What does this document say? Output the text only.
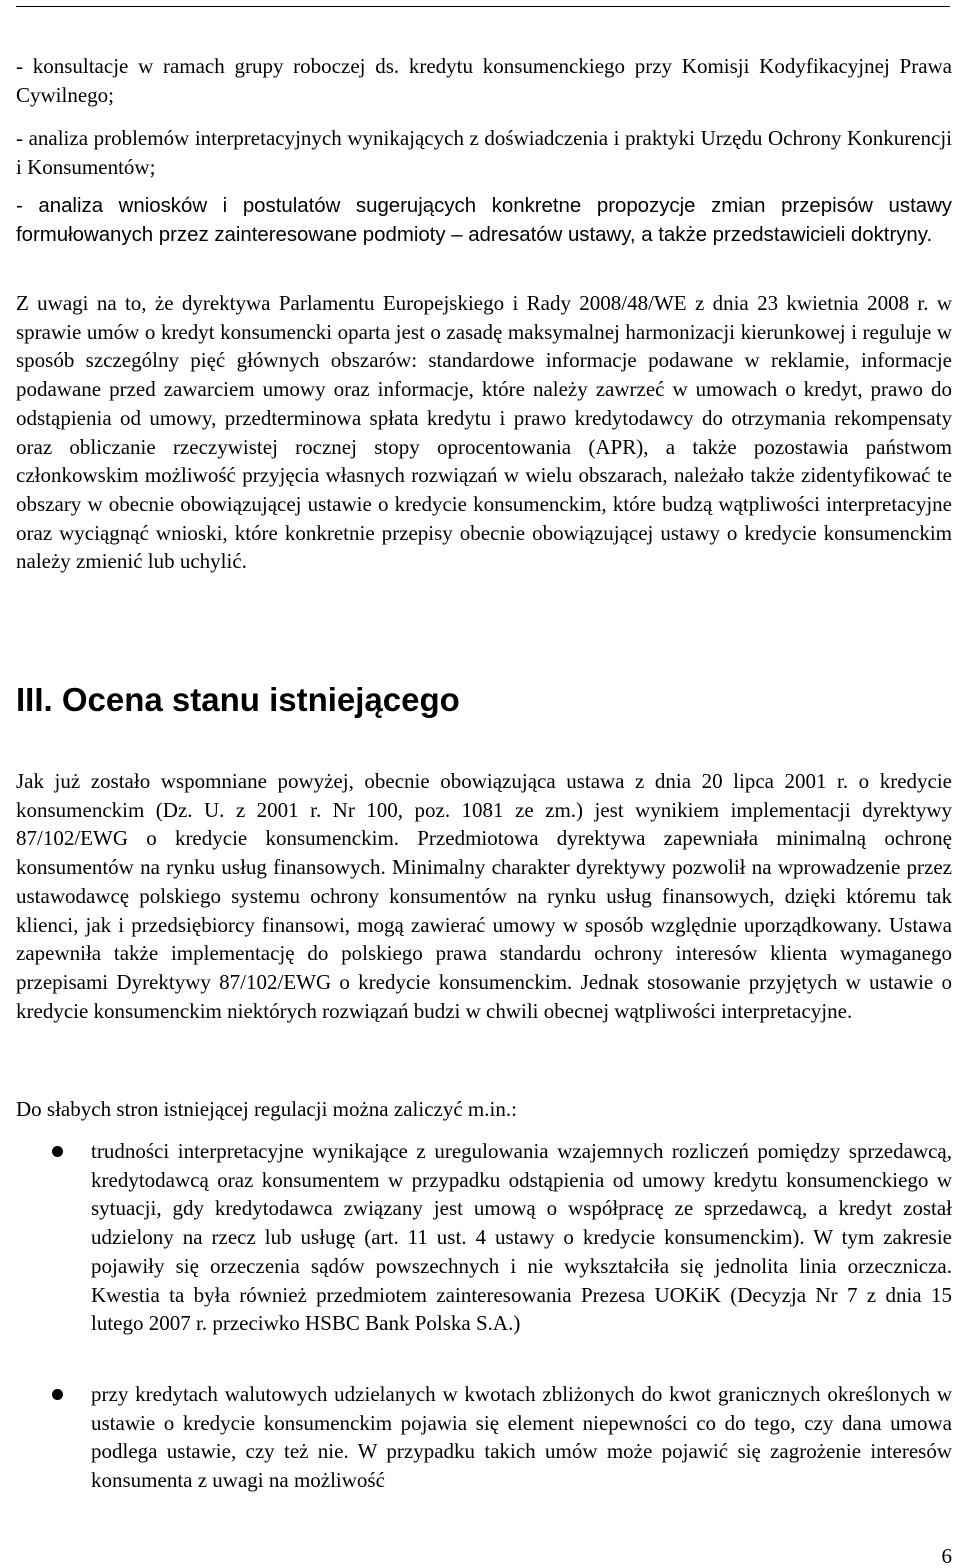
- konsultacje w ramach grupy roboczej ds. kredytu konsumenckiego przy Komisji Kodyfikacyjnej Prawa Cywilnego;

- analiza problemów interpretacyjnych wynikających z doświadczenia i praktyki Urzędu Ochrony Konkurencji i Konsumentów;

- analiza wniosków i postulatów sugerujących konkretne propozycje zmian przepisów ustawy formułowanych przez zainteresowane podmioty – adresatów ustawy, a także przedstawicieli doktryny.

Z uwagi na to, że dyrektywa Parlamentu Europejskiego i Rady 2008/48/WE z dnia 23 kwietnia 2008 r. w sprawie umów o kredyt konsumencki oparta jest o zasadę maksymalnej harmonizacji kierunkowej i reguluje w sposób szczególny pięć głównych obszarów: standardowe informacje podawane w reklamie, informacje podawane przed zawarciem umowy oraz informacje, które należy zawrzeć w umowach o kredyt, prawo do odstąpienia od umowy, przedterminowa spłata kredytu i prawo kredytodawcy do otrzymania rekompensaty oraz obliczanie rzeczywistej rocznej stopy oprocentowania (APR), a także pozostawia państwom członkowskim możliwość przyjęcia własnych rozwiązań w wielu obszarach, należało także zidentyfikować te obszary w obecnie obowiązującej ustawie o kredycie konsumenckim, które budzą wątpliwości interpretacyjne oraz wyciągnąć wnioski, które konkretnie przepisy obecnie obowiązującej ustawy o kredycie konsumenckim należy zmienić lub uchylić.

III. Ocena stanu istniejącego

Jak już zostało wspomniane powyżej, obecnie obowiązująca ustawa z dnia 20 lipca 2001 r. o kredycie konsumenckim (Dz. U. z 2001 r. Nr 100, poz. 1081 ze zm.) jest wynikiem implementacji dyrektywy 87/102/EWG o kredycie konsumenckim. Przedmiotowa dyrektywa zapewniała minimalną ochronę konsumentów na rynku usług finansowych. Minimalny charakter dyrektywy pozwolił na wprowadzenie przez ustawodawcę polskiego systemu ochrony konsumentów na rynku usług finansowych, dzięki któremu tak klienci, jak i przedsiębiorcy finansowi, mogą zawierać umowy w sposób względnie uporządkowany. Ustawa zapewniła także implementację do polskiego prawa standardu ochrony interesów klienta wymaganego przepisami Dyrektywy 87/102/EWG o kredycie konsumenckim. Jednak stosowanie przyjętych w ustawie o kredycie konsumenckim niektórych rozwiązań budzi w chwili obecnej wątpliwości interpretacyjne.

Do słabych stron istniejącej regulacji można zaliczyć m.in.:

trudności interpretacyjne wynikające z uregulowania wzajemnych rozliczeń pomiędzy sprzedawcą, kredytodawcą oraz konsumentem w przypadku odstąpienia od umowy kredytu konsumenckiego w sytuacji, gdy kredytodawca związany jest umową o współpracę ze sprzedawcą, a kredyt został udzielony na rzecz lub usługę (art. 11 ust. 4 ustawy o kredycie konsumenckim). W tym zakresie pojawiły się orzeczenia sądów powszechnych i nie wykształciła się jednolita linia orzecznicza. Kwestia ta była również przedmiotem zainteresowania Prezesa UOKiK (Decyzja Nr 7 z dnia 15 lutego 2007 r. przeciwko HSBC Bank Polska S.A.)

przy kredytach walutowych udzielanych w kwotach zbliżonych do kwot granicznych określonych w ustawie o kredycie konsumenckim pojawia się element niepewności co do tego, czy dana umowa podlega ustawie, czy też nie. W przypadku takich umów może pojawić się zagrożenie interesów konsumenta z uwagi na możliwość

6
